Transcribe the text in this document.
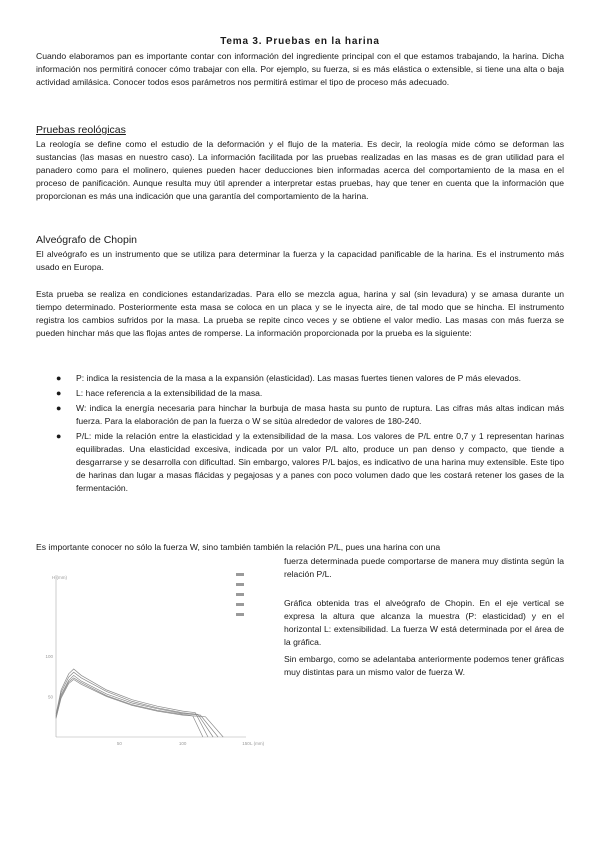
Tema 3. Pruebas en la harina

Cuando elaboramos pan es importante contar con información del ingrediente principal con el que estamos trabajando, la harina. Dicha información nos permitirá conocer cómo trabajar con ella. Por ejemplo, su fuerza, si es más elástica o extensible, si tiene una alta o baja actividad amilásica. Conocer todos esos parámetros nos permitirá estimar el tipo de proceso más adecuado.

Pruebas reológicas

La reología se define como el estudio de la deformación y el flujo de la materia. Es decir, la reología mide cómo se deforman las sustancias (las masas en nuestro caso). La información facilitada por las pruebas realizadas en las masas es de gran utilidad para el panadero como para el molinero, quienes pueden hacer deducciones bien informadas acerca del comportamiento de la masa en el proceso de panificación. Aunque resulta muy útil aprender a interpretar estas pruebas, hay que tener en cuenta que la información que proporcionan es más una indicación que una garantía del comportamiento de la harina.

Alveógrafo de Chopin

El alveógrafo es un instrumento que se utiliza para determinar la fuerza y la capacidad panificable de la harina. Es el instrumento más usado en Europa.

Esta prueba se realiza en condiciones estandarizadas. Para ello se mezcla agua, harina y sal (sin levadura) y se amasa durante un tiempo determinado. Posteriormente esta masa se coloca en un placa y se le inyecta aire, de tal modo que se hincha. El instrumento registra los cambios sufridos por la masa. La prueba se repite cinco veces y se obtiene el valor medio. Las masas con más fuerza se pueden hinchar más que las flojas antes de romperse. La información proporcionada por la prueba es la siguiente:

● P: indica la resistencia de la masa a la expansión (elasticidad). Las masas fuertes tienen valores de P más elevados.
● L: hace referencia a la extensibilidad de la masa.
● W: indica la energía necesaria para hinchar la burbuja de masa hasta su punto de ruptura. Las cifras más altas indican más fuerza. Para la elaboración de pan la fuerza o W se sitúa alrededor de valores de 180-240.
● P/L: mide la relación entre la elasticidad y la extensibilidad de la masa. Los valores de P/L entre 0,7 y 1 representan harinas equilibradas. Una elasticidad excesiva, indicada por un valor P/L alto, produce un pan denso y compacto, que tiende a desgarrarse y se desarrolla con dificultad. Sin embargo, valores P/L bajos, es indicativo de una harina muy extensible. Este tipo de harinas dan lugar a masas flácidas y pegajosas y a panes con poco volumen dado que les costará retener los gases de la fermentación.

Es importante conocer no sólo la fuerza W, sino también también la relación P/L, pues una harina con una

fuerza determinada puede comportarse de manera muy distinta según la relación P/L.

Gráfica obtenida tras el alveógrafo de Chopin. En el eje vertical se expresa la altura que alcanza la muestra (P: elasticidad) y en el horizontal L: extensibilidad. La fuerza W está determinada por el área de la gráfica.

Sin embargo, como se adelantaba anteriormente podemos tener gráficas muy distintas para un mismo valor de fuerza W.

100
50
50	100	150 L (mm)
H (mm)
